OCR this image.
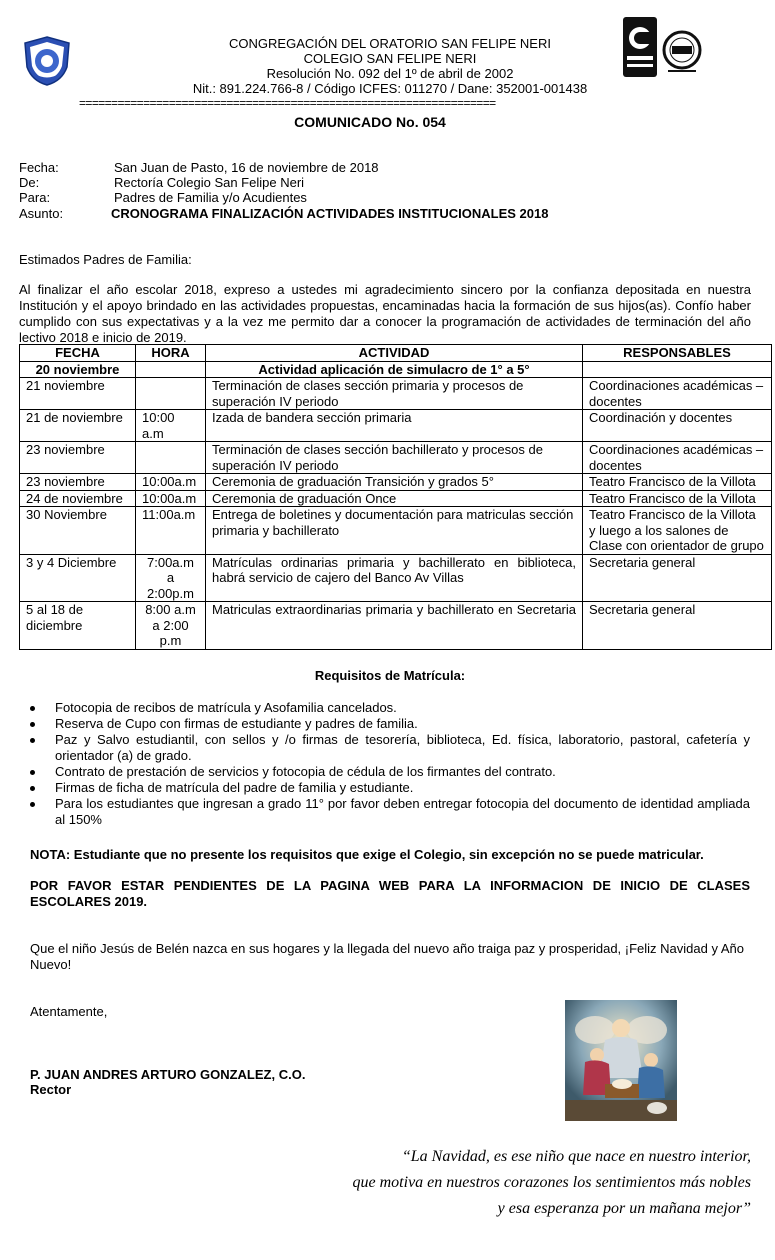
CONGREGACIÓN DEL ORATORIO SAN FELIPE NERI
COLEGIO SAN FELIPE NERI
Resolución No. 092 del 1º de abril de 2002
Nit.: 891.224.766-8 / Código ICFES: 011270 / Dane: 352001-001438
=================================================================
COMUNICADO No. 054
Fecha:	San Juan de Pasto, 16 de noviembre de 2018
De:	Rectoría Colegio San Felipe Neri
Para:	Padres de Familia y/o Acudientes
Asunto:	CRONOGRAMA FINALIZACIÓN ACTIVIDADES INSTITUCIONALES 2018
Estimados Padres de Familia:
Al finalizar el año escolar 2018, expreso a ustedes mi agradecimiento sincero por la confianza depositada en nuestra Institución y el apoyo brindado en las actividades propuestas, encaminadas hacia la formación de sus hijos(as). Confío haber cumplido con sus expectativas y a la vez me permito dar a conocer la programación de actividades de terminación del año lectivo 2018 e inicio de 2019.
FECHA	HORA	ACTIVIDAD	RESPONSABLES
20 noviembre		Actividad aplicación de simulacro de 1° a 5°	
21 noviembre		Terminación de clases sección primaria y procesos de superación IV periodo	Coordinaciones académicas – docentes
21 de noviembre	10:00 a.m	Izada de bandera sección primaria	Coordinación y docentes
23 noviembre		Terminación de clases sección bachillerato y procesos de superación IV periodo	Coordinaciones académicas – docentes
23 noviembre	10:00a.m	Ceremonia de graduación Transición y grados 5°	Teatro Francisco de la Villota
24 de noviembre	10:00a.m	Ceremonia de graduación Once	Teatro Francisco de la Villota
30 Noviembre	11:00a.m	Entrega de boletines y documentación para matriculas sección primaria y bachillerato	Teatro Francisco de la Villota y luego a los salones de Clase con orientador de grupo
3 y 4 Diciembre	7:00a.m a 2:00p.m	Matrículas ordinarias primaria y bachillerato en biblioteca, habrá servicio de cajero del Banco Av Villas	Secretaria general
5 al 18 de diciembre	8:00 a.m a 2:00 p.m	Matriculas extraordinarias primaria y bachillerato en Secretaria	Secretaria general
Requisitos de Matrícula:
Fotocopia de recibos de matrícula y Asofamilia cancelados.
Reserva de Cupo con firmas de estudiante y padres de familia.
Paz y Salvo estudiantil, con sellos y /o firmas de tesorería, biblioteca, Ed. física, laboratorio, pastoral, cafetería y orientador (a) de grado.
Contrato de prestación de servicios y fotocopia de cédula de los firmantes del contrato.
Firmas de ficha de matrícula del padre de familia y estudiante.
Para los estudiantes que ingresan a grado 11° por favor deben entregar fotocopia del documento de identidad ampliada al 150%
NOTA: Estudiante que no presente los requisitos que exige el Colegio, sin excepción no se puede matricular.
POR FAVOR ESTAR PENDIENTES DE LA PAGINA WEB PARA LA INFORMACION DE INICIO DE CLASES ESCOLARES 2019.
Que el niño Jesús de Belén nazca en sus hogares y la llegada del nuevo año traiga paz y prosperidad, ¡Feliz Navidad y Año Nuevo!
Atentamente,
P. JUAN ANDRES ARTURO GONZALEZ, C.O.
Rector
“La Navidad, es ese niño que nace en nuestro interior,
que motiva en nuestros corazones los sentimientos más nobles
y esa esperanza por un mañana mejor”
